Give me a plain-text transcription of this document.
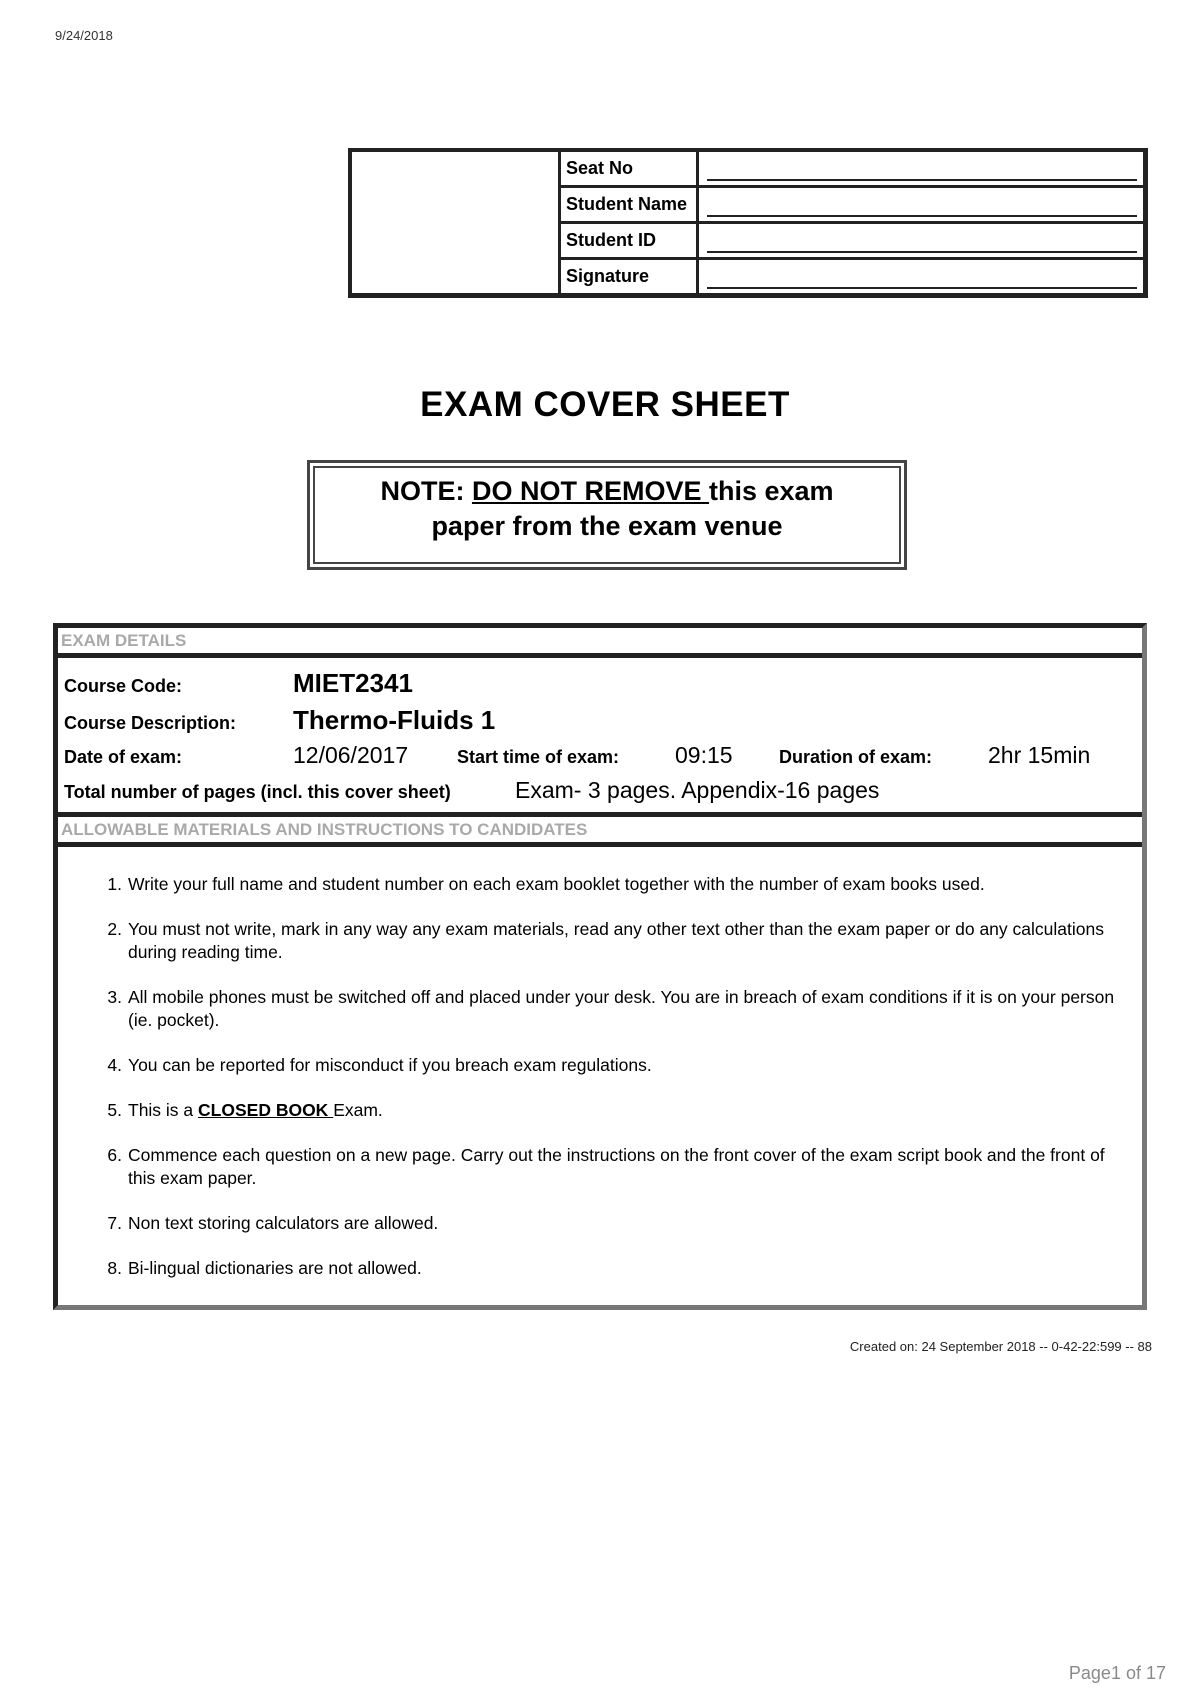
9/24/2018
Seat No
Student Name
Student ID
Signature
EXAM COVER SHEET
NOTE: DO NOT REMOVE this exam
paper from the exam venue
EXAM DETAILS
Course Code:	MIET2341
Course Description:	Thermo-Fluids 1
Date of exam:	12/06/2017	Start time of exam:	09:15	Duration of exam:	2hr 15min
Total number of pages (incl. this cover sheet)	Exam- 3 pages. Appendix-16 pages
ALLOWABLE MATERIALS AND INSTRUCTIONS TO CANDIDATES
1. Write your full name and student number on each exam booklet together with the number of exam books used.
2. You must not write, mark in any way any exam materials, read any other text other than the exam paper or do any calculations during reading time.
3. All mobile phones must be switched off and placed under your desk. You are in breach of exam conditions if it is on your person (ie. pocket).
4. You can be reported for misconduct if you breach exam regulations.
5. This is a CLOSED BOOK Exam.
6. Commence each question on a new page. Carry out the instructions on the front cover of the exam script book and the front of this exam paper.
7. Non text storing calculators are allowed.
8. Bi-lingual dictionaries are not allowed.
Created on: 24 September 2018 -- 0-42-22:599 -- 88
Page1 of 17
